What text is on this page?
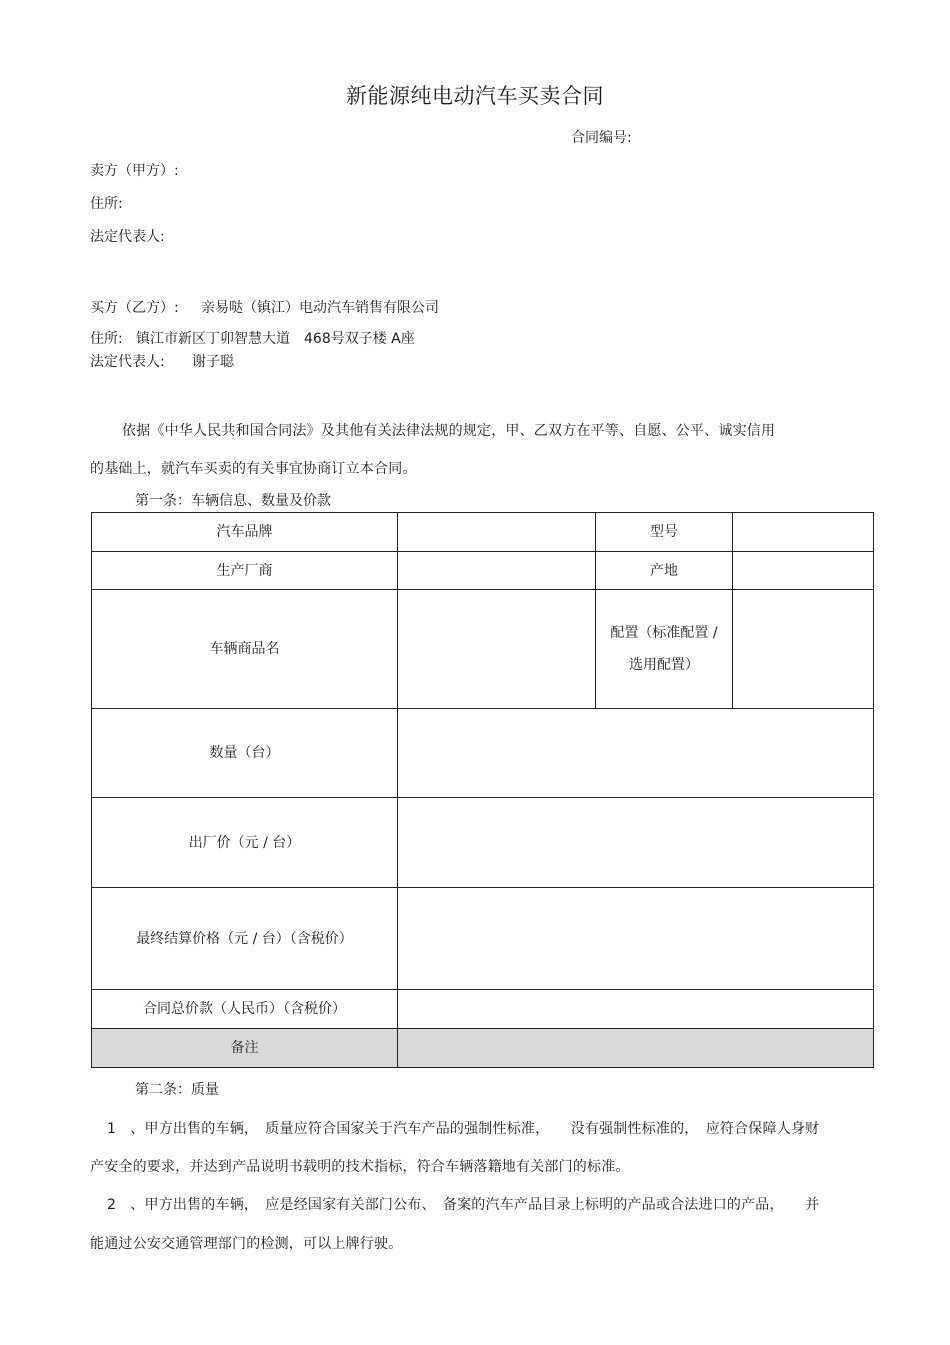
新能源纯电动汽车买卖合同
合同编号:
卖方（甲方）:
住所:
法定代表人:
买方（乙方）: 亲易哒（镇江）电动汽车销售有限公司
住所: 镇江市新区丁卯智慧大道　468号双子楼 A座
法定代表人: 谢子聪
依据《中华人民共和国合同法》及其他有关法律法规的规定，甲、乙双方在平等、自愿、公平、诚实信用
的基础上，就汽车买卖的有关事宜协商订立本合同。
第一条：车辆信息、数量及价款
汽车品牌		型号	
生产厂商		产地	
车辆商品名		配置（标准配置 /
选用配置）	

数量（台）			
出厂价（元 / 台）			
最终结算价格（元 / 台）（含税价）			
合同总价款（人民币）（含税价）			
备注			
第二条：质量
1　、甲方出售的车辆，　质量应符合国家关于汽车产品的强制性标准，　　没有强制性标准的，　应符合保障人身财
产安全的要求，并达到产品说明书载明的技术指标，符合车辆落籍地有关部门的标准。
2　、甲方出售的车辆，　应是经国家有关部门公布、　备案的汽车产品目录上标明的产品或合法进口的产品，　　并
能通过公安交通管理部门的检测，可以上牌行驶。
